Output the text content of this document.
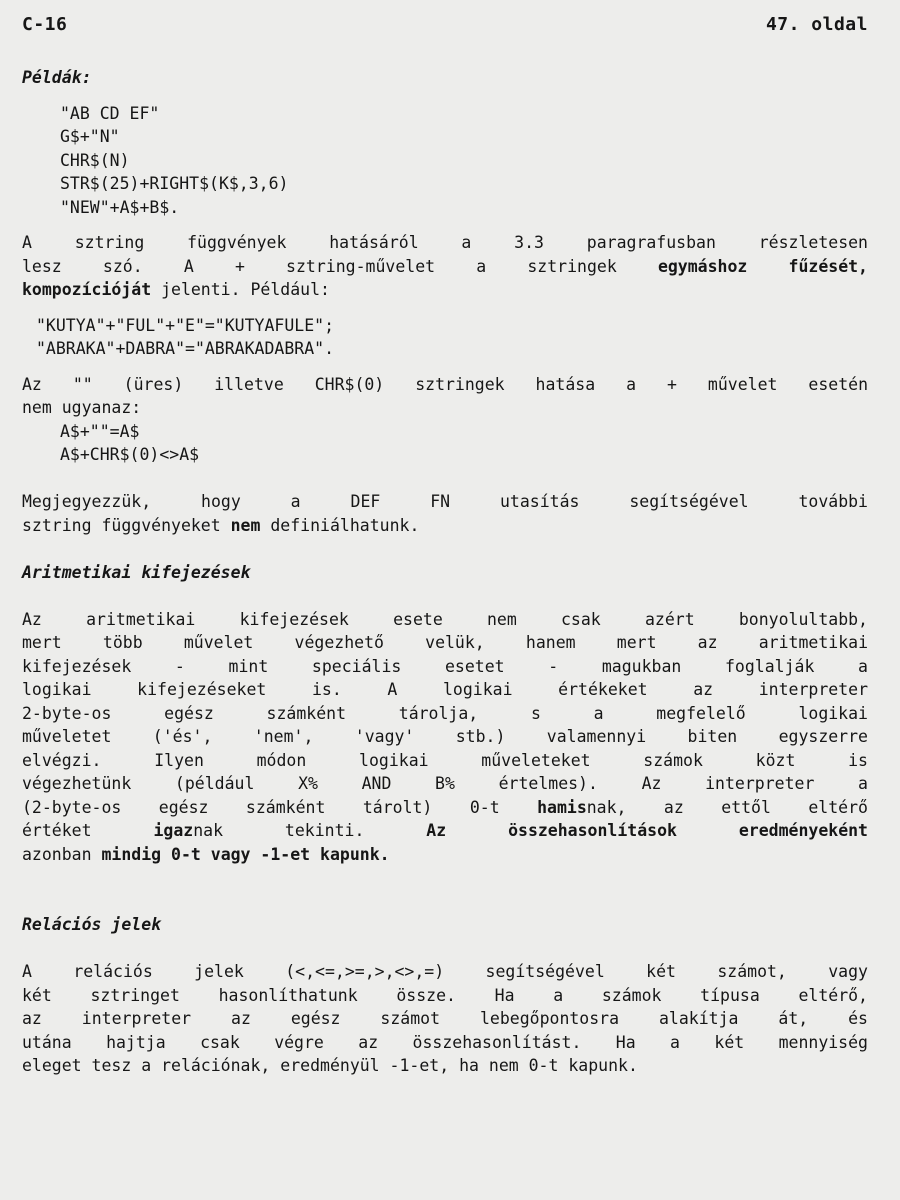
C-16	47. oldal
Példák:
"AB CD EF"
G$+"N"
CHR$(N)
STR$(25)+RIGHT$(K$,3,6)
"NEW"+A$+B$.
A sztring függvények hatásáról a 3.3 paragrafusban részletesen
lesz szó. A + sztring-művelet a sztringek egymáshoz fűzését,
kompozícióját jelenti. Például:
"KUTYA"+"FUL"+"E"="KUTYAFULE";
"ABRAKA"+DABRA"="ABRAKADABRA".
Az "" (üres) illetve CHR$(0) sztringek hatása a + művelet esetén
nem ugyanaz:
A$+""=A$
A$+CHR$(0)<>A$
Megjegyezzük, hogy a DEF FN utasítás segítségével további
sztring függvényeket nem definiálhatunk.
Aritmetikai kifejezések
Az aritmetikai kifejezések esete nem csak azért bonyolultabb,
mert több művelet végezhető velük, hanem mert az aritmetikai
kifejezések - mint speciális esetet - magukban foglalják a
logikai kifejezéseket is. A logikai értékeket az interpreter
2-byte-os egész számként tárolja, s a megfelelő logikai
műveletet ('és', 'nem', 'vagy' stb.) valamennyi biten egyszerre
elvégzi. Ilyen módon logikai műveleteket számok közt is
végezhetünk (például X% AND B% értelmes). Az interpreter a
(2-byte-os egész számként tárolt) 0-t hamisnak, az ettől eltérő
értéket igaznak tekinti. Az összehasonlítások eredményeként
azonban mindig 0-t vagy -1-et kapunk.
Relációs jelek
A relációs jelek (<,<=,>=,>,<>,=) segítségével két számot, vagy
két sztringet hasonlíthatunk össze. Ha a számok típusa eltérő,
az interpreter az egész számot lebegőpontosra alakítja át, és
utána hajtja csak végre az összehasonlítást. Ha a két mennyiség
eleget tesz a relációnak, eredményül -1-et, ha nem 0-t kapunk.
